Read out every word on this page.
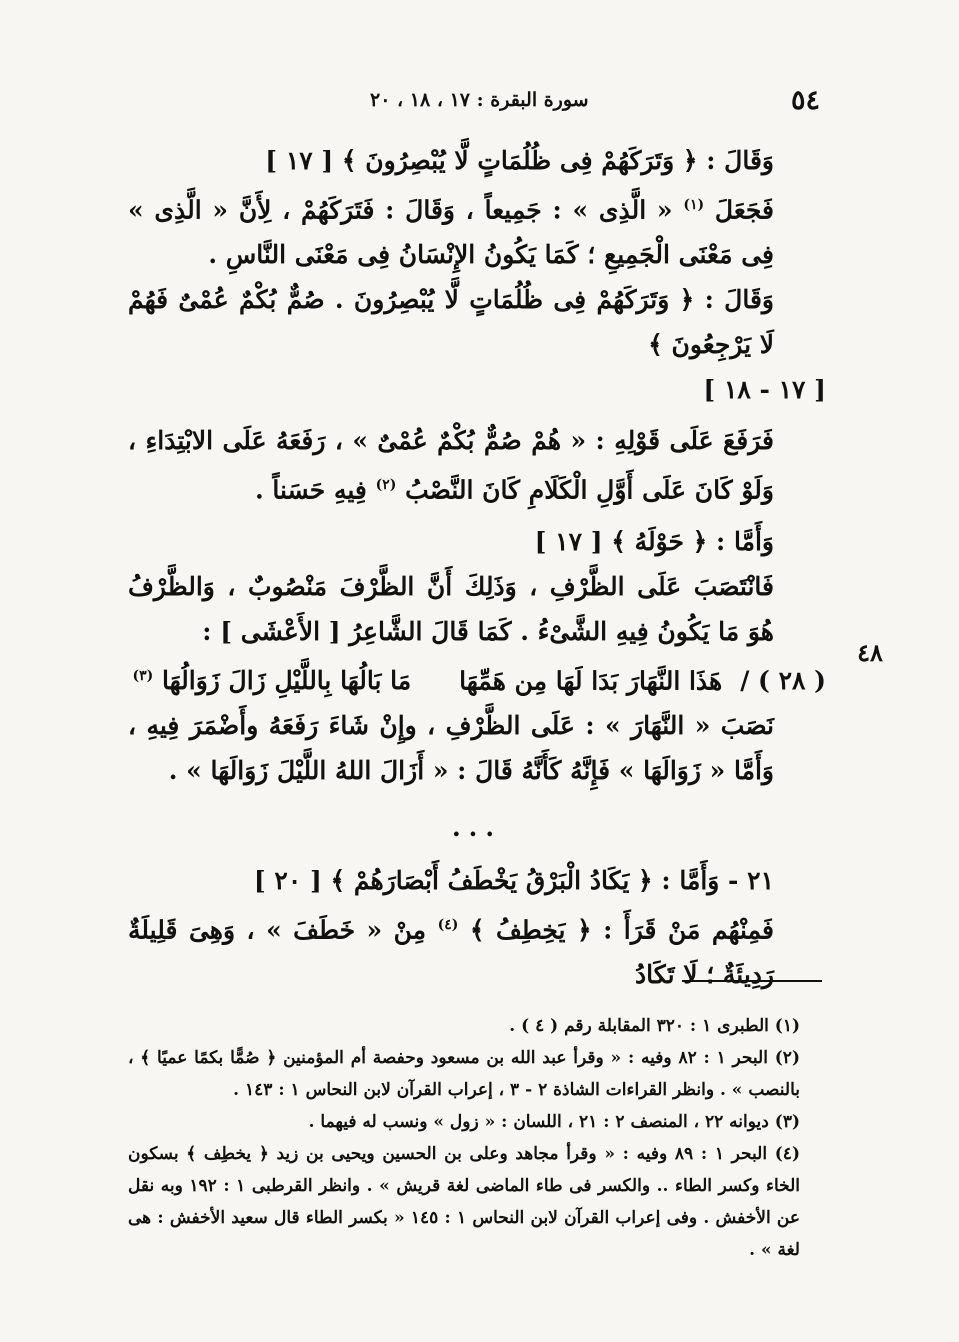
٥٤
سورة البقرة : ١٧ ، ١٨ ، ٢٠

وَقَالَ : ﴿ وَتَرَكَهُمْ فِى ظُلُمَاتٍ لَّا يُبْصِرُونَ ﴾ [ ١٧ ]

فَجَعَلَ $^{(١)}$ « الَّذِى » : جَمِيعاً ، وَقَالَ : فَتَرَكَهُمْ ، لِأَنَّ « الَّذِى » فِى مَعْنَى الْجَمِيعِ ؛ كَمَا يَكُونُ الإِنْسَانُ فِى مَعْنَى النَّاسِ .

وَقَالَ : ﴿ وَتَرَكَهُمْ فِى ظُلُمَاتٍ لَّا يُبْصِرُونَ . صُمٌّ بُكْمٌ عُمْىٌ فَهُمْ لَا يَرْجِعُونَ ﴾

[ ١٧ - ١٨ ]

فَرَفَعَ عَلَى قَوْلِهِ : « هُمْ صُمٌّ بُكْمٌ عُمْىٌ » ، رَفَعَهُ عَلَى الابْتِدَاءِ ، وَلَوْ كَانَ عَلَى أَوَّلِ الْكَلَامِ كَانَ النَّصْبُ $^{(٢)}$ فِيهِ حَسَناً .

وَأَمَّا : ﴿ حَوْلَهُ ﴾ [ ١٧ ]

فَانْتَصَبَ عَلَى الظَّرْفِ ، وَذَلِكَ أَنَّ الظَّرْفَ مَنْصُوبٌ ، وَالظَّرْفُ هُوَ مَا يَكُونُ فِيهِ الشَّىْءُ . كَمَا قَالَ الشَّاعِرُ [ الأَعْشَى ] :

( ٢٨ ) /هَذَا النَّهَارَ بَدَا لَهَا مِن هَمِّهَامَا بَالُهَا بِاللَّيْلِ زَالَ زَوَالُهَا $^{(٣)}$

نَصَبَ « النَّهَارَ » : عَلَى الظَّرْفِ ، وإِنْ شَاءَ رَفَعَهُ وأَضْمَرَ فِيهِ ، وَأَمَّا « زَوَالَهَا » فَإِنَّهُ كَأَنَّهُ قَالَ : « أَزَالَ اللهُ اللَّيْلَ زَوَالَهَا » .

...

٢١ - وَأَمَّا : ﴿ يَكَادُ الْبَرْقُ يَخْطَفُ أَبْصَارَهُمْ ﴾ [ ٢٠ ]

فَمِنْهُم مَنْ قَرَأَ : ﴿ يَخِطِفُ ﴾ $^{(٤)}$ مِنْ « خَطَفَ » ، وَهِىَ قَلِيلَةٌ رَدِيئَةٌ ؛ لَا تَكَادُ

٤٨

(١) الطبرى ١ : ٣٢٠ المقابلة رقم ( ٤ ) .

(٢) البحر ١ : ٨٢ وفيه : « وقرأ عبد الله بن مسعود وحفصة أم المؤمنين ﴿ صُمًّا بكمًا عميًا ﴾ ، بالنصب » . وانظر القراءات الشاذة ٢ - ٣ ، إعراب القرآن لابن النحاس ١ : ١٤٣ .

(٣) ديوانه ٢٢ ، المنصف ٢ : ٢١ ، اللسان : « زول » ونسب له فيهما .

(٤) البحر ١ : ٨٩ وفيه : « وقرأ مجاهد وعلى بن الحسين ويحيى بن زيد ﴿ يخطِف ﴾ بسكون الخاء وكسر الطاء .. والكسر فى طاء الماضى لغة قريش » . وانظر القرطبى ١ : ١٩٢ وبه نقل عن الأخفش . وفى إعراب القرآن لابن النحاس ١ : ١٤٥ « بكسر الطاء قال سعيد الأخفش : هى لغة » .
